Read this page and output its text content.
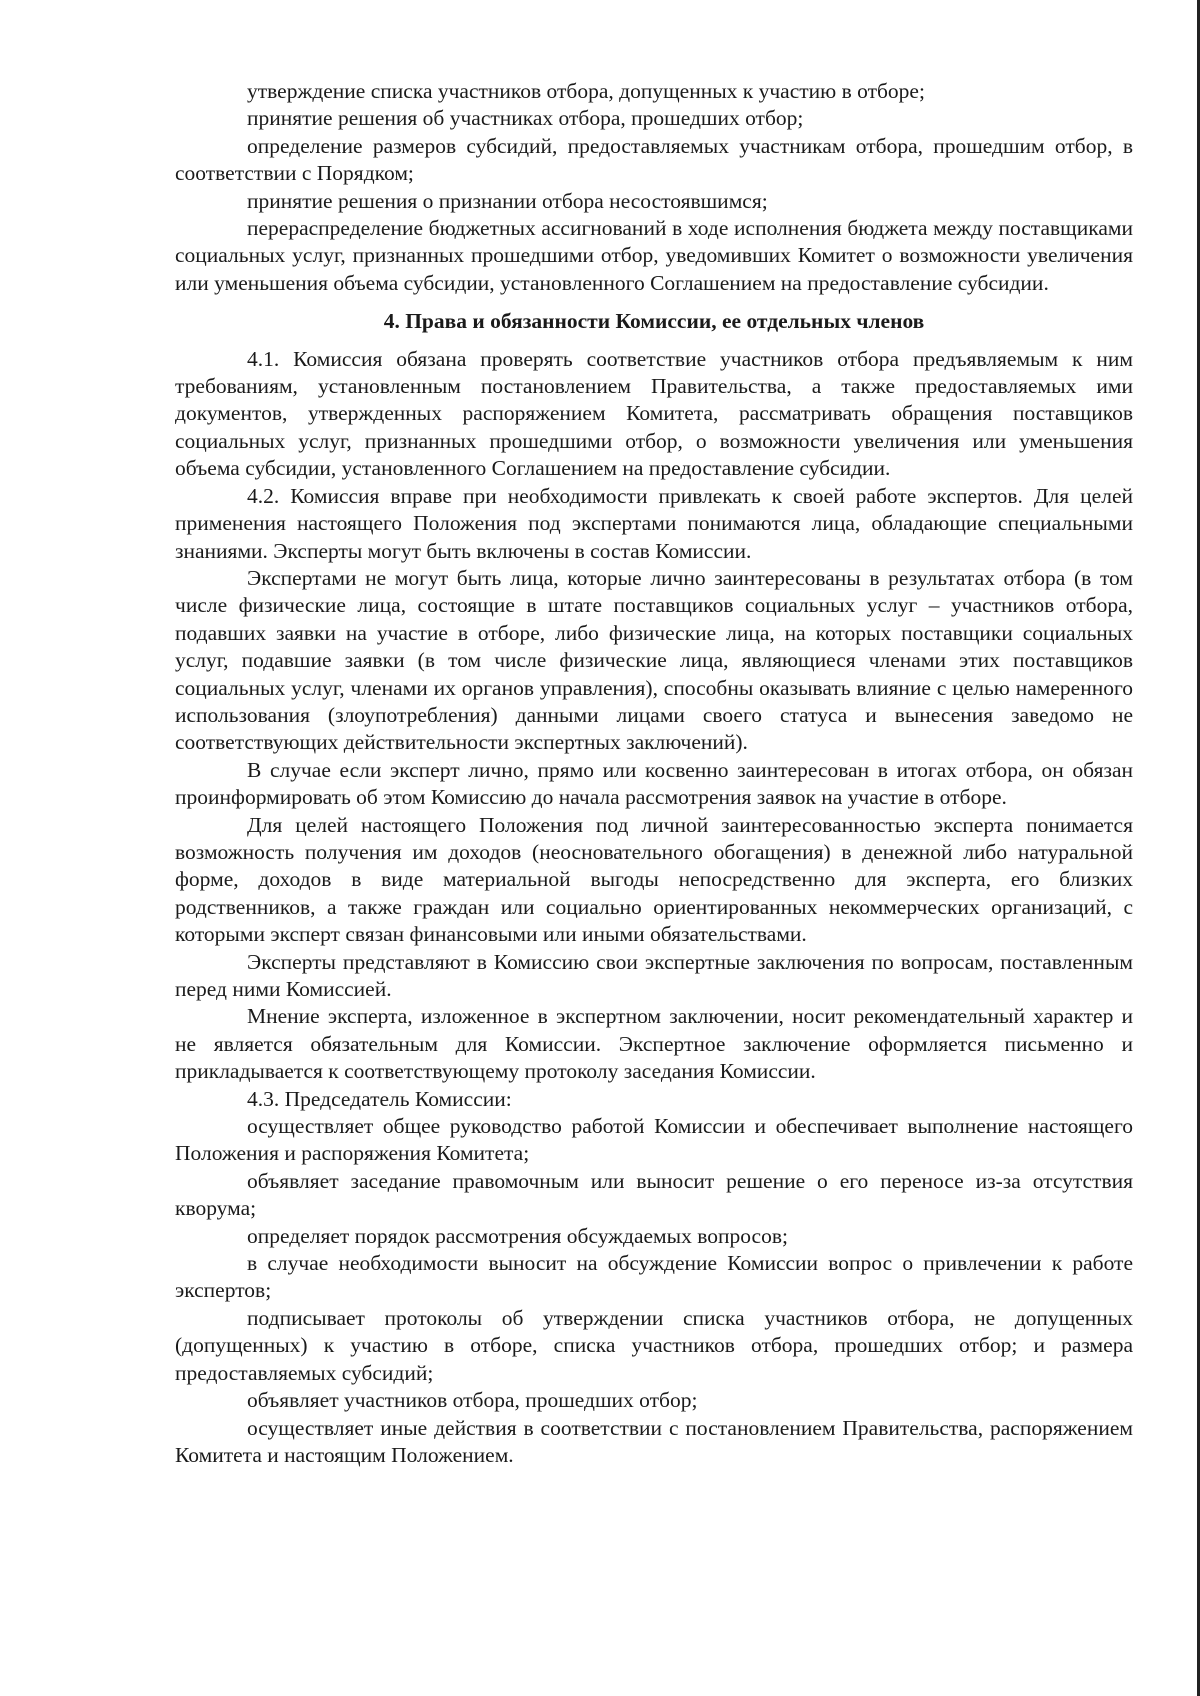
утверждение списка участников отбора, допущенных к участию в отборе;

принятие решения об участниках отбора, прошедших отбор;

определение размеров субсидий, предоставляемых участникам отбора, прошедшим отбор, в соответствии с Порядком;

принятие решения о признании отбора несостоявшимся;

перераспределение бюджетных ассигнований в ходе исполнения бюджета между поставщиками социальных услуг, признанных прошедшими отбор, уведомивших Комитет о возможности увеличения или уменьшения объема субсидии, установленного Соглашением на предоставление субсидии.

4. Права и обязанности Комиссии, ее отдельных членов

4.1. Комиссия обязана проверять соответствие участников отбора предъявляемым к ним требованиям, установленным постановлением Правительства, а также предоставляемых ими документов, утвержденных распоряжением Комитета, рассматривать обращения поставщиков социальных услуг, признанных прошедшими отбор, о возможности увеличения или уменьшения объема субсидии, установленного Соглашением на предоставление субсидии.

4.2. Комиссия вправе при необходимости привлекать к своей работе экспертов. Для целей применения настоящего Положения под экспертами понимаются лица, обладающие специальными знаниями. Эксперты могут быть включены в состав Комиссии.

Экспертами не могут быть лица, которые лично заинтересованы в результатах отбора (в том числе физические лица, состоящие в штате поставщиков социальных услуг – участников отбора, подавших заявки на участие в отборе, либо физические лица, на которых поставщики социальных услуг, подавшие заявки (в том числе физические лица, являющиеся членами этих поставщиков социальных услуг, членами их органов управления), способны оказывать влияние с целью намеренного использования (злоупотребления) данными лицами своего статуса и вынесения заведомо не соответствующих действительности экспертных заключений).

В случае если эксперт лично, прямо или косвенно заинтересован в итогах отбора, он обязан проинформировать об этом Комиссию до начала рассмотрения заявок на участие в отборе.

Для целей настоящего Положения под личной заинтересованностью эксперта понимается возможность получения им доходов (неосновательного обогащения) в денежной либо натуральной форме, доходов в виде материальной выгоды непосредственно для эксперта, его близких родственников, а также граждан или социально ориентированных некоммерческих организаций, с которыми эксперт связан финансовыми или иными обязательствами.

Эксперты представляют в Комиссию свои экспертные заключения по вопросам, поставленным перед ними Комиссией.

Мнение эксперта, изложенное в экспертном заключении, носит рекомендательный характер и не является обязательным для Комиссии. Экспертное заключение оформляется письменно и прикладывается к соответствующему протоколу заседания Комиссии.

4.3. Председатель Комиссии:

осуществляет общее руководство работой Комиссии и обеспечивает выполнение настоящего Положения и распоряжения Комитета;

объявляет заседание правомочным или выносит решение о его переносе из-за отсутствия кворума;

определяет порядок рассмотрения обсуждаемых вопросов;

в случае необходимости выносит на обсуждение Комиссии вопрос о привлечении к работе экспертов;

подписывает протоколы об утверждении списка участников отбора, не допущенных (допущенных) к участию в отборе, списка участников отбора, прошедших отбор; и размера предоставляемых субсидий;

объявляет участников отбора, прошедших отбор;

осуществляет иные действия в соответствии с постановлением Правительства, распоряжением Комитета и настоящим Положением.
